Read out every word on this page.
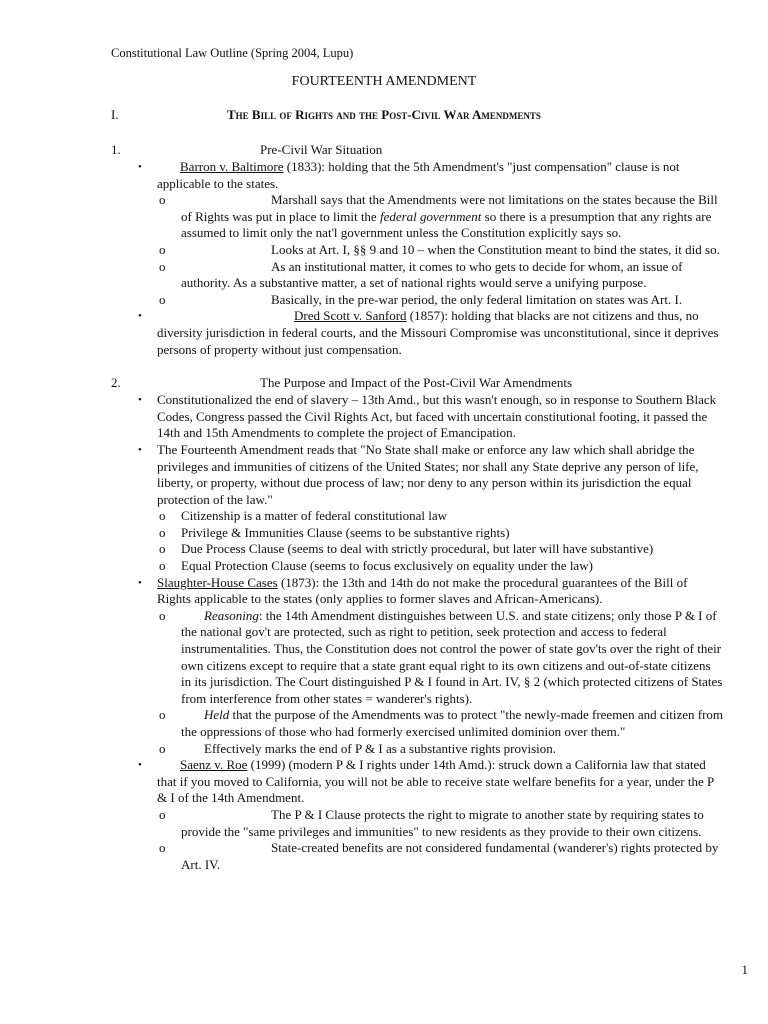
Constitutional Law Outline (Spring 2004, Lupu)
FOURTEENTH AMENDMENT
I.	The Bill of Rights and the Post-Civil War Amendments
1.	Pre-Civil War Situation
•	Barron v. Baltimore (1833): holding that the 5th Amendment's "just compensation" clause is not applicable to the states.
o	Marshall says that the Amendments were not limitations on the states because the Bill of Rights was put in place to limit the federal government so there is a presumption that any rights are assumed to limit only the nat'l government unless the Constitution explicitly says so.
o	Looks at Art. I, §§ 9 and 10 – when the Constitution meant to bind the states, it did so.
o	As an institutional matter, it comes to who gets to decide for whom, an issue of authority. As a substantive matter, a set of national rights would serve a unifying purpose.
o	Basically, in the pre-war period, the only federal limitation on states was Art. I.
•	Dred Scott v. Sanford (1857): holding that blacks are not citizens and thus, no diversity jurisdiction in federal courts, and the Missouri Compromise was unconstitutional, since it deprives persons of property without just compensation.
2.	The Purpose and Impact of the Post-Civil War Amendments
• Constitutionalized the end of slavery – 13th Amd., but this wasn't enough, so in response to Southern Black Codes, Congress passed the Civil Rights Act, but faced with uncertain constitutional footing, it passed the 14th and 15th Amendments to complete the project of Emancipation.
• The Fourteenth Amendment reads that "No State shall make or enforce any law which shall abridge the privileges and immunities of citizens of the United States; nor shall any State deprive any person of life, liberty, or property, without due process of law; nor deny to any person within its jurisdiction the equal protection of the law."
o Citizenship is a matter of federal constitutional law
o Privilege & Immunities Clause (seems to be substantive rights)
o Due Process Clause (seems to deal with strictly procedural, but later will have substantive)
o Equal Protection Clause (seems to focus exclusively on equality under the law)
• Slaughter-House Cases (1873): the 13th and 14th do not make the procedural guarantees of the Bill of Rights applicable to the states (only applies to former slaves and African-Americans).
o	Reasoning: the 14th Amendment distinguishes between U.S. and state citizens; only those P & I of the national gov't are protected, such as right to petition, seek protection and access to federal instrumentalities. Thus, the Constitution does not control the power of state gov'ts over the right of their own citizens except to require that a state grant equal right to its own citizens and out-of-state citizens in its jurisdiction. The Court distinguished P & I found in Art. IV, § 2 (which protected citizens of States from interference from other states = wanderer's rights).
o	Held that the purpose of the Amendments was to protect "the newly-made freemen and citizen from the oppressions of those who had formerly exercised unlimited dominion over them."
o	Effectively marks the end of P & I as a substantive rights provision.
•	Saenz v. Roe (1999) (modern P & I rights under 14th Amd.): struck down a California law that stated that if you moved to California, you will not be able to receive state welfare benefits for a year, under the P & I of the 14th Amendment.
o	The P & I Clause protects the right to migrate to another state by requiring states to provide the "same privileges and immunities" to new residents as they provide to their own citizens.
o	State-created benefits are not considered fundamental (wanderer's) rights protected by Art. IV.
1
